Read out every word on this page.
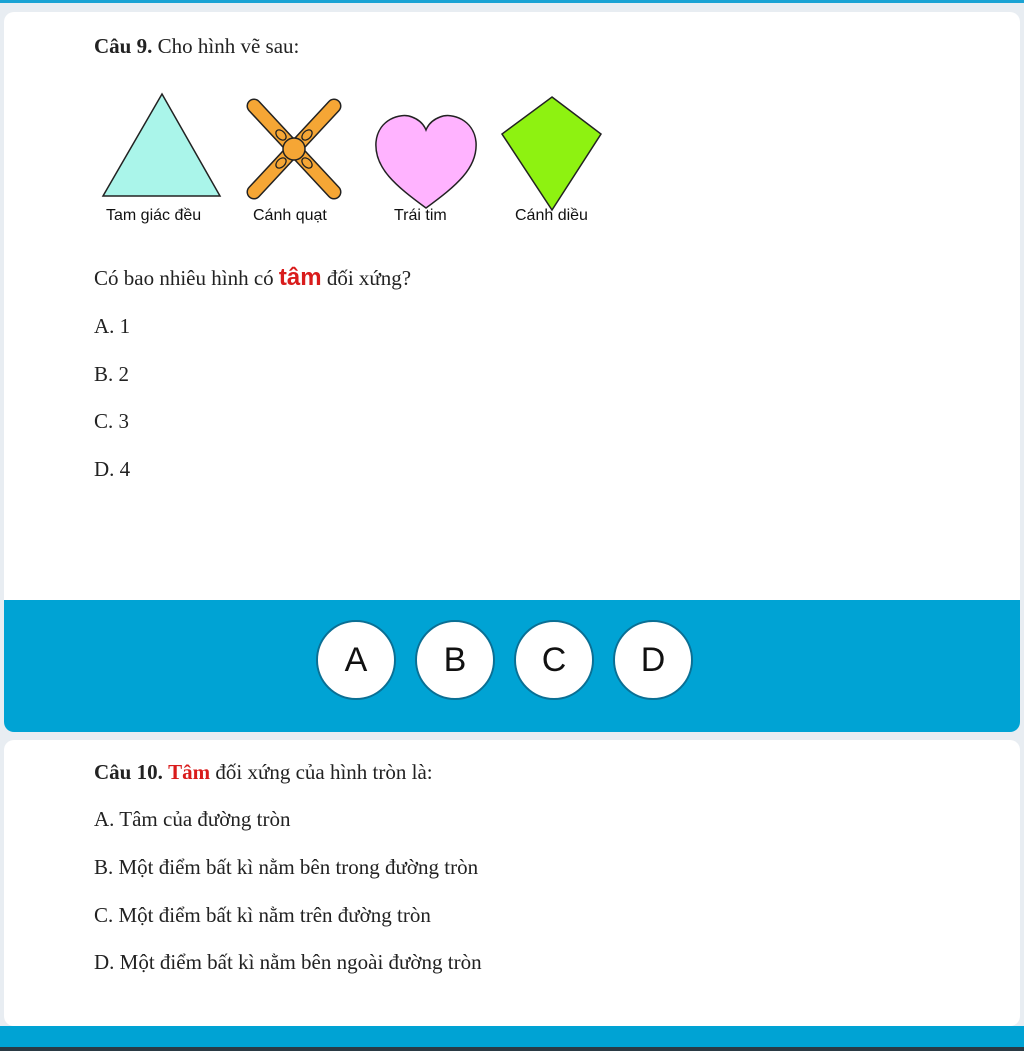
Câu 9. Cho hình vẽ sau:
Tam giác đều	Cánh quạt	Trái tim	Cánh diều
Có bao nhiêu hình có tâm đối xứng?
A. 1
B. 2
C. 3
D. 4
A	B	C	D
Câu 10. Tâm đối xứng của hình tròn là:
A. Tâm của đường tròn
B. Một điểm bất kì nằm bên trong đường tròn
C. Một điểm bất kì nằm trên đường tròn
D. Một điểm bất kì nằm bên ngoài đường tròn
